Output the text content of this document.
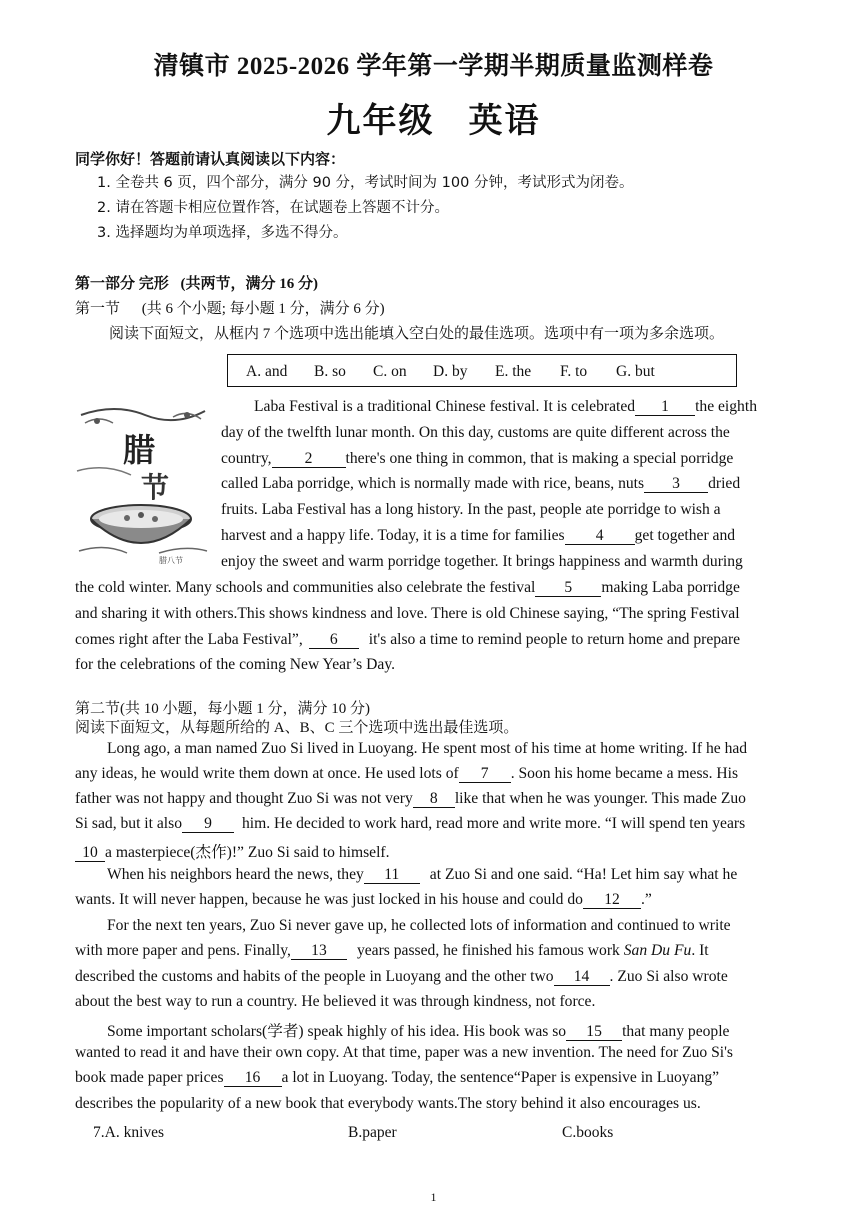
清镇市 2025-2026 学年第一学期半期质量监测样卷
九年级 英语
同学你好！答题前请认真阅读以下内容：
1. 全卷共 6 页，四个部分，满分 90 分，考试时间为 100 分钟，考试形式为闭卷。
2. 请在答题卡相应位置作答，在试题卷上答题不计分。
3. 选择题均为单项选择，多选不得分。
第一部分 完形 (共两节，满分 16 分)
第一节 (共 6 个小题; 每小题 1 分，满分 6 分)
阅读下面短文，从框内 7 个选项中选出能填入空白处的最佳选项。选项中有一项为多余选项。
A. and B. so C. on D. by E. the F. to G. but
腊
节
腊八节
Laba Festival is a traditional Chinese festival. It is celebrated 1 the eighth
day of the twelfth lunar month. On this day, customs are quite different across the
country, 2 there's one thing in common, that is making a special porridge
called Laba porridge, which is normally made with rice, beans, nuts 3 dried
fruits. Laba Festival has a long history. In the past, people ate porridge to wish a
harvest and a happy life. Today, it is a time for families 4 get together and
enjoy the sweet and warm porridge together. It brings happiness and warmth during
the cold winter. Many schools and communities also celebrate the festival 5 making Laba porridge
and sharing it with others.This shows kindness and love. There is old Chinese saying, “The spring Festival
comes right after the Laba Festival”, 6 it's also a time to remind people to return home and prepare
for the celebrations of the coming New Year’s Day.
第二节(共 10 小题，每小题 1 分，满分 10 分)
阅读下面短文，从每题所给的 A、B、C 三个选项中选出最佳选项。
Long ago, a man named Zuo Si lived in Luoyang. He spent most of his time at home writing. If he had
any ideas, he would write them down at once. He used lots of 7 . Soon his home became a mess. His
father was not happy and thought Zuo Si was not very 8 like that when he was younger. This made Zuo
Si sad, but it also 9 him. He decided to work hard, read more and write more. “I will spend ten years
10 a masterpiece(杰作)!” Zuo Si said to himself.
When his neighbors heard the news, they 11 at Zuo Si and one said. “Ha! Let him say what he
wants. It will never happen, because he was just locked in his house and could do 12 .”
For the next ten years, Zuo Si never gave up, he collected lots of information and continued to write
with more paper and pens. Finally, 13 years passed, he finished his famous work San Du Fu. It
described the customs and habits of the people in Luoyang and the other two 14 . Zuo Si also wrote
about the best way to run a country. He believed it was through kindness, not force.
Some important scholars(学者) speak highly of his idea. His book was so 15 that many people
wanted to read it and have their own copy. At that time, paper was a new invention. The need for Zuo Si's
book made paper prices 16 a lot in Luoyang. Today, the sentence“Paper is expensive in Luoyang”
describes the popularity of a new book that everybody wants.The story behind it also encourages us.
7.A. knives	B.paper	C.books
1
